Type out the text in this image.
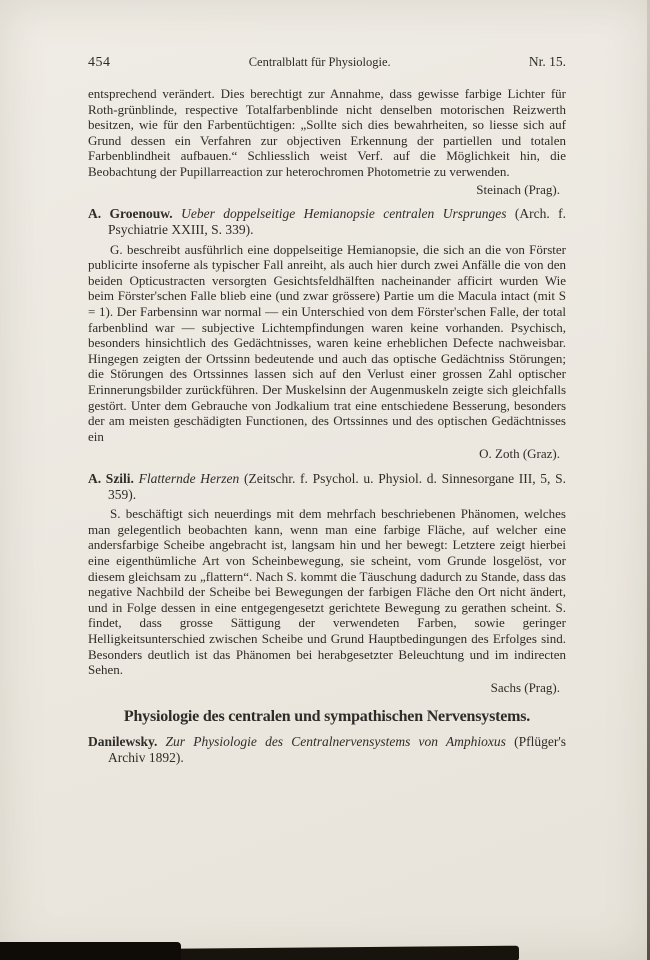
454	Centralblatt für Physiologie.	Nr. 15.

entsprechend verändert. Dies berechtigt zur Annahme, dass gewisse farbige Lichter für Roth-grünblinde, respective Totalfarbenblinde nicht denselben motorischen Reizwerth besitzen, wie für den Farbentüchtigen: „Sollte sich dies bewahrheiten, so liesse sich auf Grund dessen ein Verfahren zur objectiven Erkennung der partiellen und totalen Farbenblindheit aufbauen.“ Schliesslich weist Verf. auf die Möglichkeit hin, die Beobachtung der Pupillarreaction zur heterochromen Photometrie zu verwenden.

Steinach (Prag).
A. Groenouw. Ueber doppelseitige Hemianopsie centralen Ursprunges (Arch. f. Psychiatrie XXIII, S. 339).

G. beschreibt ausführlich eine doppelseitige Hemianopsie, die sich an die von Förster publicirte insoferne als typischer Fall anreiht, als auch hier durch zwei Anfälle die von den beiden Opticustracten versorgten Gesichtsfeldhälften nacheinander afficirt wurden Wie beim Förster'schen Falle blieb eine (und zwar grössere) Partie um die Macula intact (mit S = 1). Der Farbensinn war normal — ein Unterschied von dem Förster'schen Falle, der total farbenblind war — subjective Lichtempfindungen waren keine vorhanden. Psychisch, besonders hinsichtlich des Gedächtnisses, waren keine erheblichen Defecte nachweisbar. Hingegen zeigten der Ortssinn bedeutende und auch das optische Gedächtniss Störungen; die Störungen des Ortssinnes lassen sich auf den Verlust einer grossen Zahl optischer Erinnerungsbilder zurückführen. Der Muskelsinn der Augenmuskeln zeigte sich gleichfalls gestört. Unter dem Gebrauche von Jodkalium trat eine entschiedene Besserung, besonders der am meisten geschädigten Functionen, des Ortssinnes und des optischen Gedächtnisses ein

O. Zoth (Graz).
A. Szili. Flatternde Herzen (Zeitschr. f. Psychol. u. Physiol. d. Sinnesorgane III, 5, S. 359).

S. beschäftigt sich neuerdings mit dem mehrfach beschriebenen Phänomen, welches man gelegentlich beobachten kann, wenn man eine farbige Fläche, auf welcher eine andersfarbige Scheibe angebracht ist, langsam hin und her bewegt: Letztere zeigt hierbei eine eigenthümliche Art von Scheinbewegung, sie scheint, vom Grunde losgelöst, vor diesem gleichsam zu „flattern“. Nach S. kommt die Täuschung dadurch zu Stande, dass das negative Nachbild der Scheibe bei Bewegungen der farbigen Fläche den Ort nicht ändert, und in Folge dessen in eine entgegengesetzt gerichtete Bewegung zu gerathen scheint. S. findet, dass grosse Sättigung der verwendeten Farben, sowie geringer Helligkeitsunterschied zwischen Scheibe und Grund Hauptbedingungen des Erfolges sind. Besonders deutlich ist das Phänomen bei herabgesetzter Beleuchtung und im indirecten Sehen.

Sachs (Prag).
Physiologie des centralen und sympathischen Nervensystems.
Danilewsky. Zur Physiologie des Centralnervensystems von Amphioxus (Pflüger's Archiv 1892).
